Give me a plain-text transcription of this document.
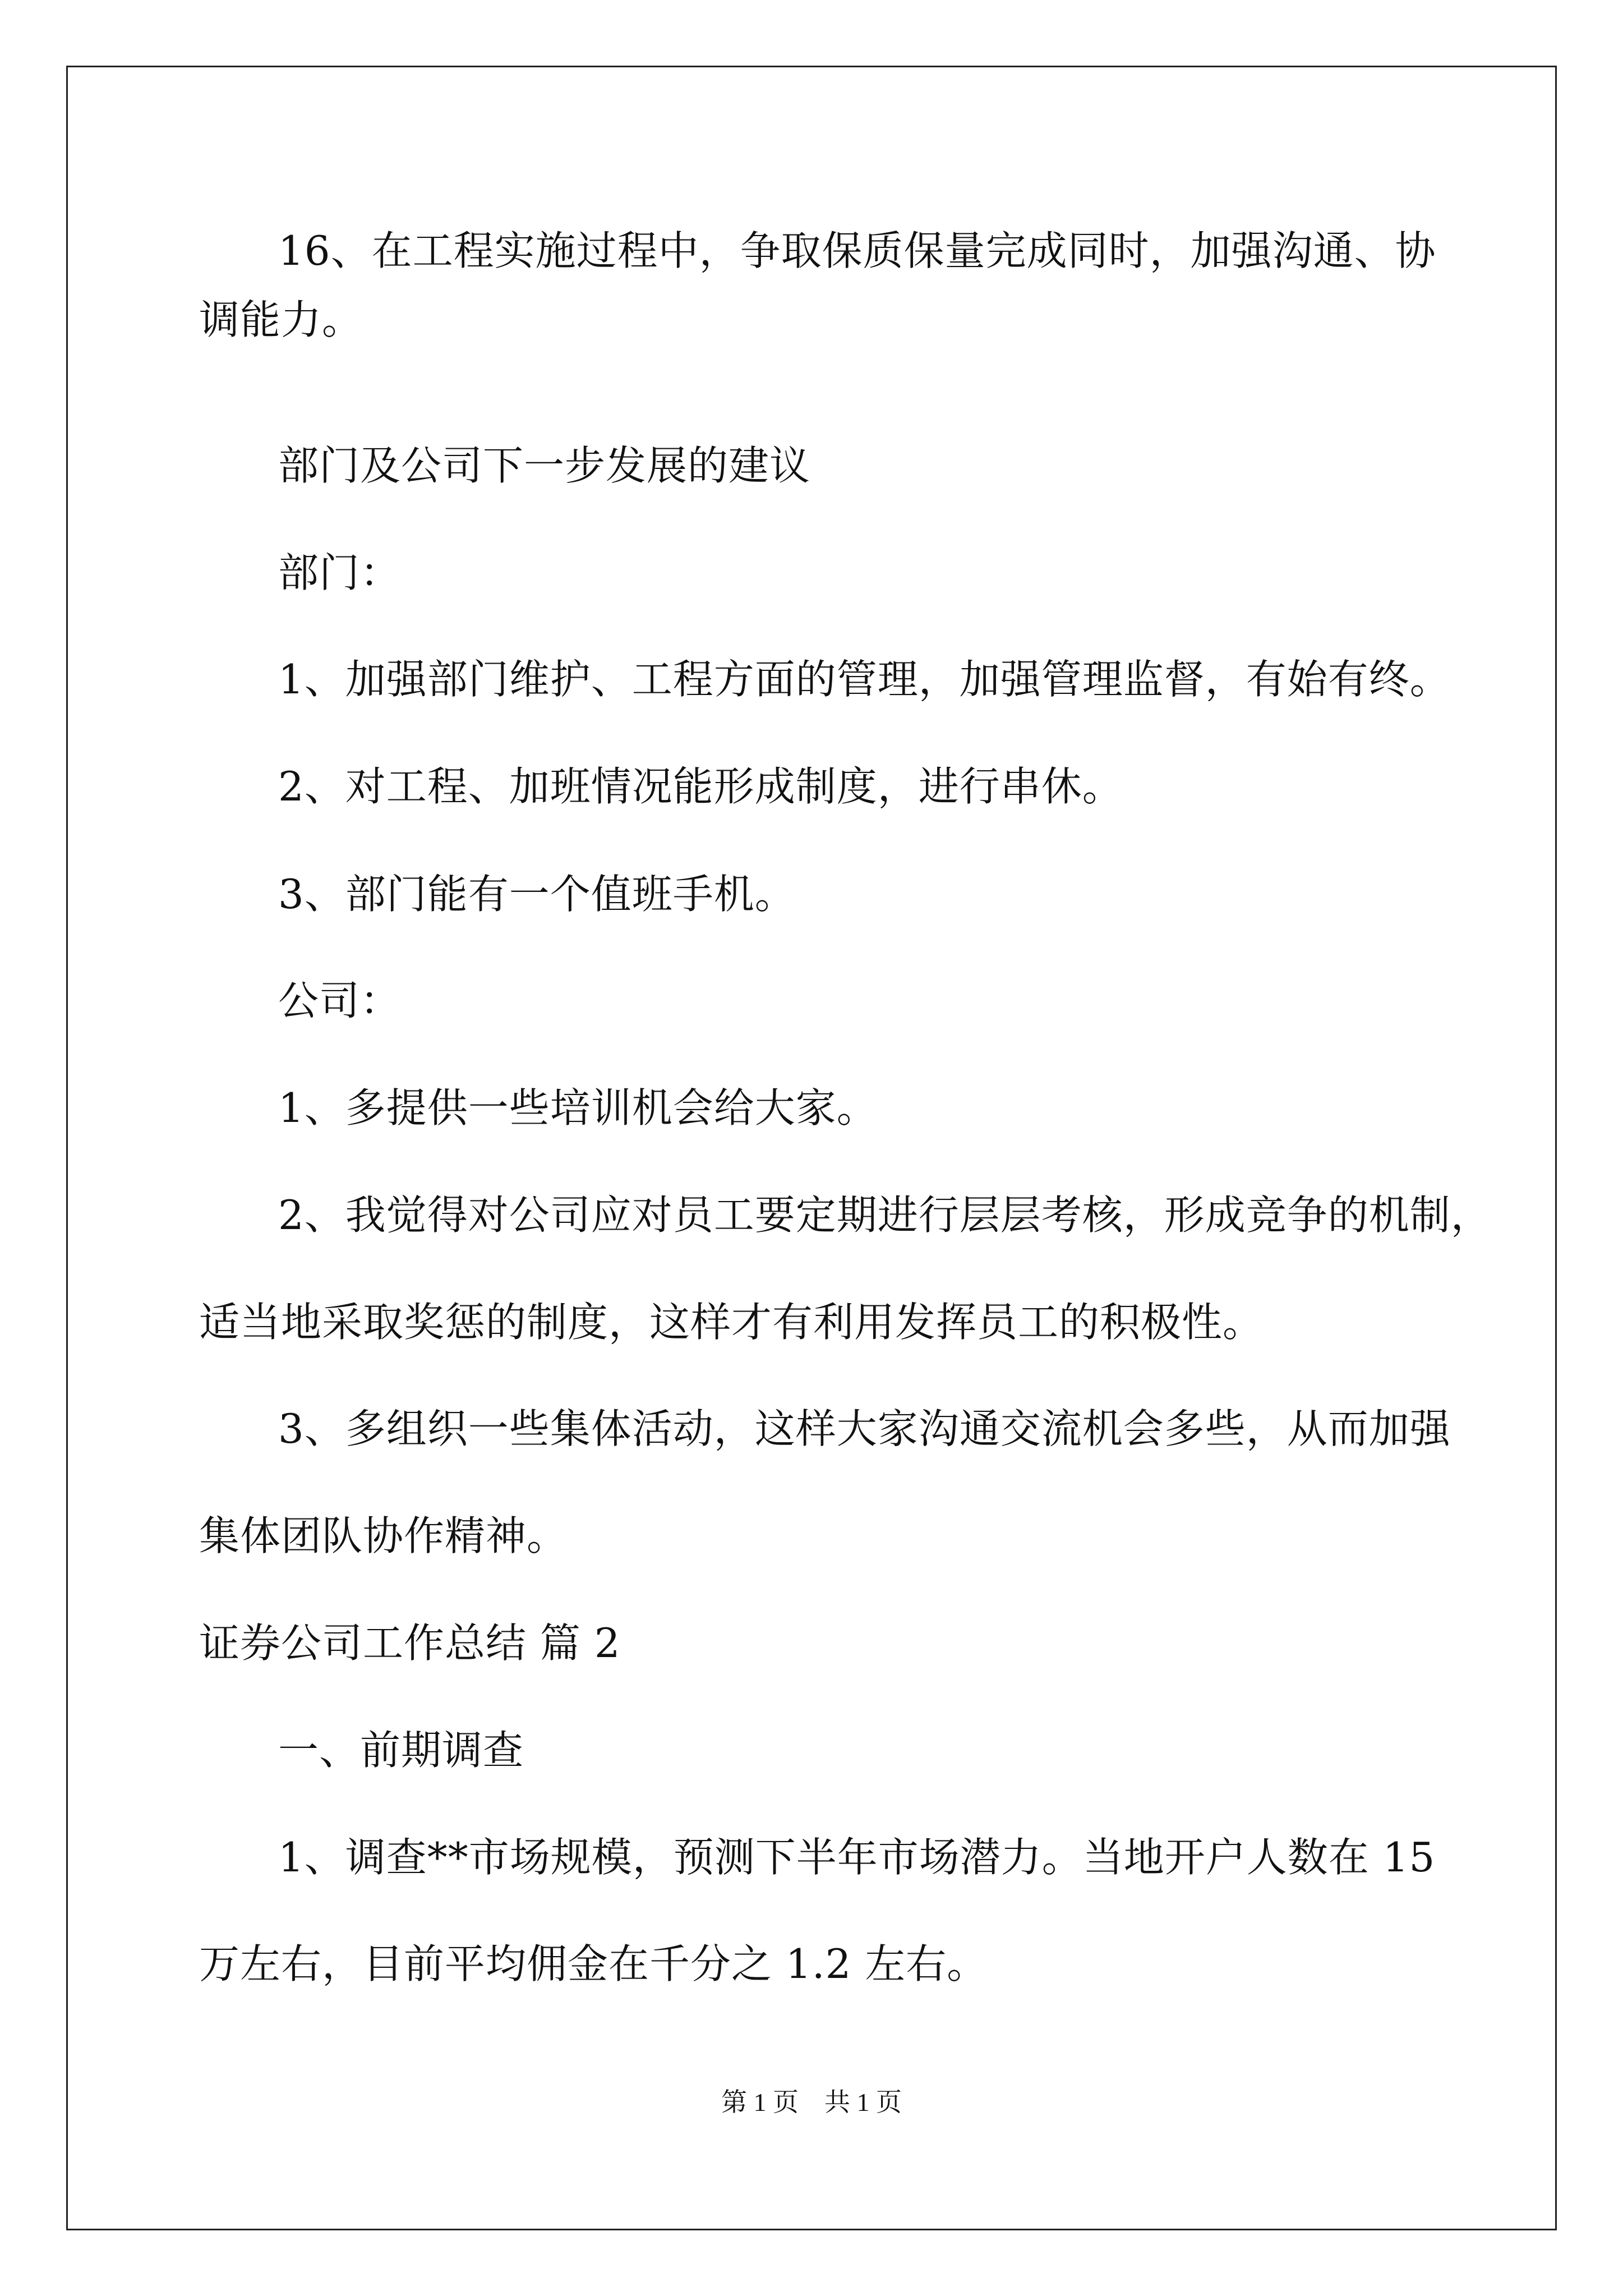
16、在工程实施过程中，争取保质保量完成同时，加强沟通、协
调能力。
部门及公司下一步发展的建议
部门：
1、加强部门维护、工程方面的管理，加强管理监督，有始有终。
2、对工程、加班情况能形成制度，进行串休。
3、部门能有一个值班手机。
公司：
1、多提供一些培训机会给大家。
2、我觉得对公司应对员工要定期进行层层考核，形成竞争的机制，
适当地采取奖惩的制度，这样才有利用发挥员工的积极性。
3、多组织一些集体活动，这样大家沟通交流机会多些，从而加强
集体团队协作精神。
证券公司工作总结 篇 2
一、前期调查
1、调查**市场规模，预测下半年市场潜力。当地开户人数在 15
万左右，目前平均佣金在千分之 1.2 左右。
第 1 页　共 1 页
